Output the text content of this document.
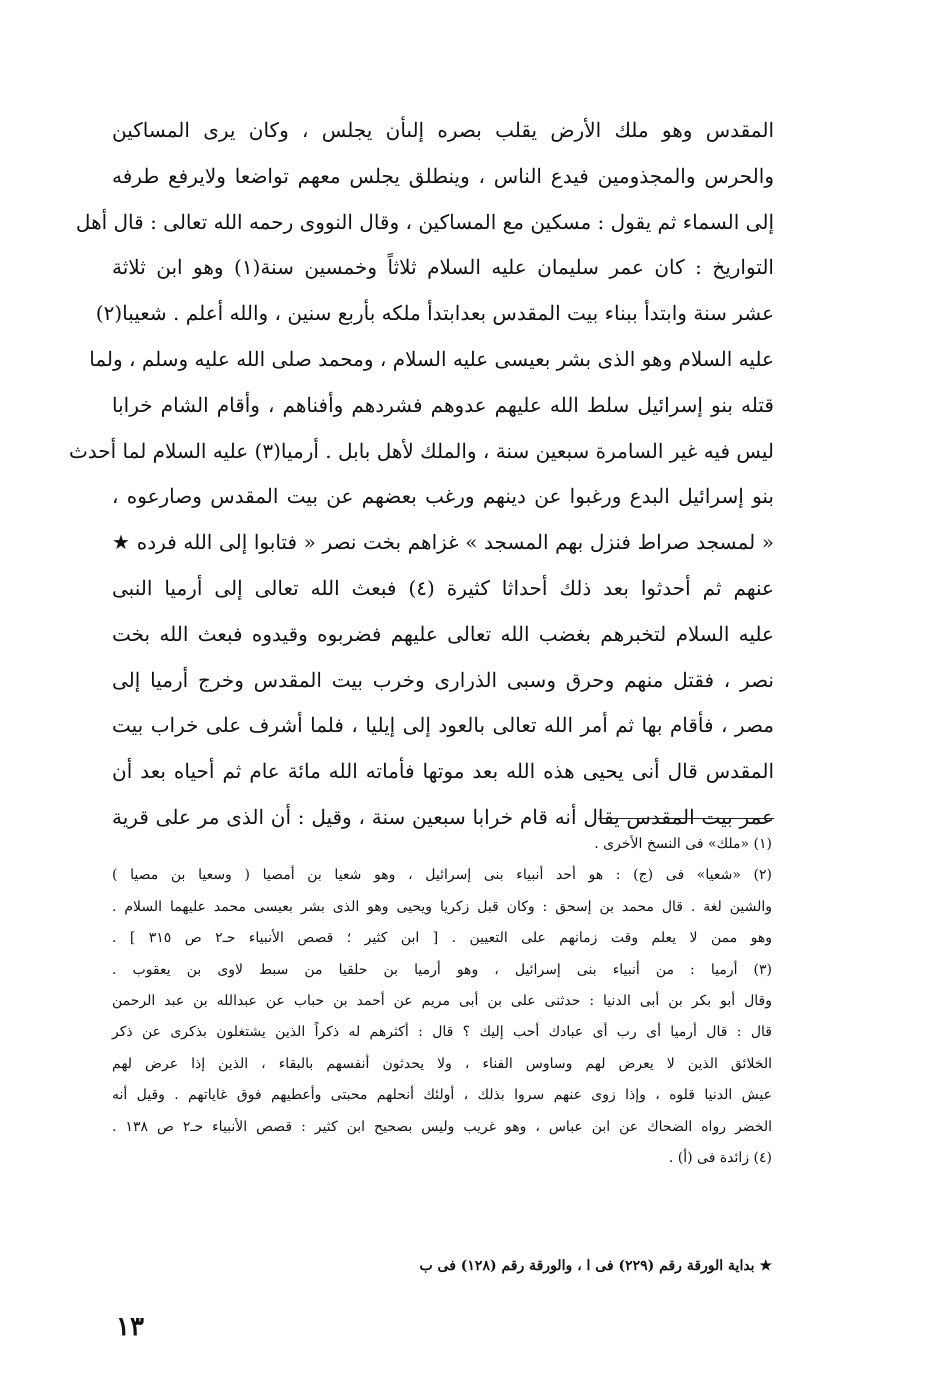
المقدس وهو ملك الأرض يقلب بصره إلىأن يجلس ، وكان يرى المساكين
والحرس والمجذومين فيدع الناس ، وينطلق يجلس معهم تواضعا ولايرفع طرفه
إلى السماء ثم يقول : مسكين مع المساكين ، وقال النووى رحمه الله تعالى : قال أهل
التواريخ : كان عمر سليمان عليه السلام ثلاثاً وخمسين سنة(١) وهو ابن ثلاثة
عشر سنة وابتدأ ببناء بيت المقدس بعدابتدأ ملكه بأربع سنين ، والله أعلم . شعيبا(٢)
عليه السلام وهو الذى بشر بعيسى عليه السلام ، ومحمد صلى الله عليه وسلم ، ولما
قتله بنو إسرائيل سلط الله عليهم عدوهم فشردهم وأفناهم ، وأقام الشام خرابا
ليس فيه غير السامرة سبعين سنة ، والملك لأهل بابل . أرميا(٣) عليه السلام لما أحدث
بنو إسرائيل البدع ورغبوا عن دينهم ورغب بعضهم عن بيت المقدس وصارعوه ،
« لمسجد صراط فنزل بهم المسجد » غزاهم بخت نصر « فتابوا إلى الله فرده ★
عنهم ثم أحدثوا بعد ذلك أحداثا كثيرة (٤) فبعث الله تعالى إلى أرميا النبى
عليه السلام لتخبرهم بغضب الله تعالى عليهم فضربوه وقيدوه فبعث الله بخت
نصر ، فقتل منهم وحرق وسبى الذرارى وخرب بيت المقدس وخرج أرميا إلى
مصر ، فأقام بها ثم أمر الله تعالى بالعود إلى إيليا ، فلما أشرف على خراب بيت
المقدس قال أنى يحيى هذه الله بعد موتها فأماته الله مائة عام ثم أحياه بعد أن
عمر بيت المقدس يقال أنه قام خرابا سبعين سنة ، وقيل : أن الذى مر على قرية
(١) «ملك» فى النسخ الأخرى .
(٢) «شعيا» فى (ج) : هو أحد أنبياء بنى إسرائيل ، وهو شعيا بن أمصيا ( وسعيا بن مصيا )
والشين لغة . قال محمد بن إسحق : وكان قبل زكريا ويحيى وهو الذى بشر بعيسى محمد عليهما السلام .
وهو ممن لا يعلم وقت زمانهم على التعيين . [ ابن كثير ؛ قصص الأنبياء حـ٢ ص ٣١٥ ] .
(٣) أرميا : من أنبياء بنى إسرائيل ، وهو أرميا بن حلقيا من سبط لاوى بن يعقوب .
وقال أبو بكر بن أبى الدنيا : حدثنى على بن أبى مريم عن أحمد بن حباب عن عبدالله بن عبد الرحمن
قال : قال أرميا أى رب أى عبادك أحب إليك ؟ قال : أكثرهم له ذكراً الذين يشتغلون بذكرى عن ذكر
الخلائق الذين لا يعرض لهم وساوس الفناء ، ولا يحدثون أنفسهم بالبقاء ، الذين إذا عرض لهم
عيش الدنيا قلوه ، وإذا زوى عنهم سروا بذلك ، أولئك أنحلهم محبتى وأعطيهم فوق غاياتهم . وقيل أنه
الخضر رواه الضحاك عن ابن عباس ، وهو غريب وليس بصحيح ابن كثير : قصص الأنبياء حـ٢ ص ١٣٨ .
(٤) زائدة فى (أ) .
★ بداية الورقة رقم (٢٢٩) فى ا ، والورقة رقم (١٢٨) فى ب
١٣
